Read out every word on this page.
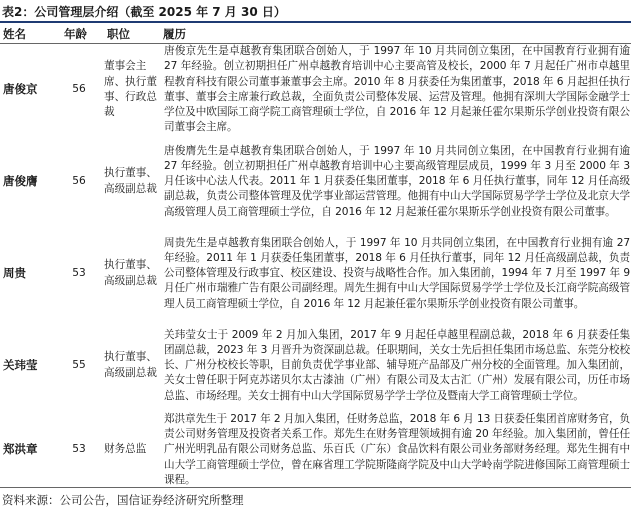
表2：公司管理层介绍（截至 2025 年 7 月 30 日）
姓名	年龄 职位	履历
唐俊京	56	董事会主席、执行董事、行政总裁	唐俊京先生是卓越教育集团联合创始人，于 1997 年 10 月共同创立集团，在中国教育行业拥有逾 27 年经验。创立初期担任广州卓越教育培训中心主要高管及校长，2000 年 7 月起任广州市卓越里程教育科技有限公司董事兼董事会主席。2010 年 8 月获委任为集团董事，2018 年 6 月起担任执行董事、董事会主席兼行政总裁，全面负责公司整体发展、运营及管理。他拥有深圳大学国际金融学士学位及中欧国际工商学院工商管理硕士学位，自 2016 年 12 月起兼任霍尔果斯乐学创业投资有限公司董事会主席。

唐俊膺	56	执行董事、高级副总裁	唐俊膺先生是卓越教育集团联合创始人，于 1997 年 10 月共同创立集团，在中国教育行业拥有逾 27 年经验。创立初期担任广州卓越教育培训中心主要高级管理层成员，1999 年 3 月至 2000 年 3 月任该中心法人代表。2011 年 1 月获委任集团董事，2018 年 6 月任执行董事，同年 12 月任高级副总裁，负责公司整体管理及优学事业部运营管理。他拥有中山大学国际贸易学学士学位及北京大学高级管理人员工商管理硕士学位，自 2016 年 12 月起兼任霍尔果斯乐学创业投资有限公司董事。

周贵	53	执行董事、高级副总裁	周贵先生是卓越教育集团联合创始人，于 1997 年 10 月共同创立集团，在中国教育行业拥有逾 27 年经验。2011 年 1 月获委任集团董事，2018 年 6 月任执行董事，同年 12 月任高级副总裁，负责公司整体管理及行政事宜、校区建设、投资与战略性合作。加入集团前，1994 年 7 月至 1997 年 9 月任广州市瑞雅广告有限公司副经理。周先生拥有中山大学国际贸易学学士学位及长江商学院高级管理人员工商管理硕士学位，自 2016 年 12 月起兼任霍尔果斯乐学创业投资有限公司董事。

关玮莹	55	执行董事、高级副总裁	关玮莹女士于 2009 年 2 月加入集团，2017 年 9 月起任卓越里程副总裁，2018 年 6 月获委任集团副总裁，2023 年 3 月晋升为资深副总裁。任职期间，关女士先后担任集团市场总监、东莞分校校长、广州分校校长等职，目前负责优学事业部、辅导班产品部及广州分校的全面管理。加入集团前，关女士曾任职于阿克苏诺贝尔太古漆油（广州）有限公司及太古汇（广州）发展有限公司，历任市场总监、市场经理。关女士拥有中山大学国际贸易学学士学位及暨南大学工商管理硕士学位。

郑洪章	53	财务总监	郑洪章先生于 2017 年 2 月加入集团，任财务总监，2018 年 6 月 13 日获委任集团首席财务官，负责公司财务管理及投资者关系工作。郑先生在财务管理领域拥有逾 20 年经验。加入集团前，曾任任广州光明乳品有限公司财务总监、乐百氏（广东）食品饮料有限公司业务部财务经理。郑先生拥有中山大学工商管理硕士学位，曾在麻省理工学院斯隆商学院及中山大学岭南学院进修国际工商管理硕士课程。
资料来源：公司公告，国信证券经济研究所整理
